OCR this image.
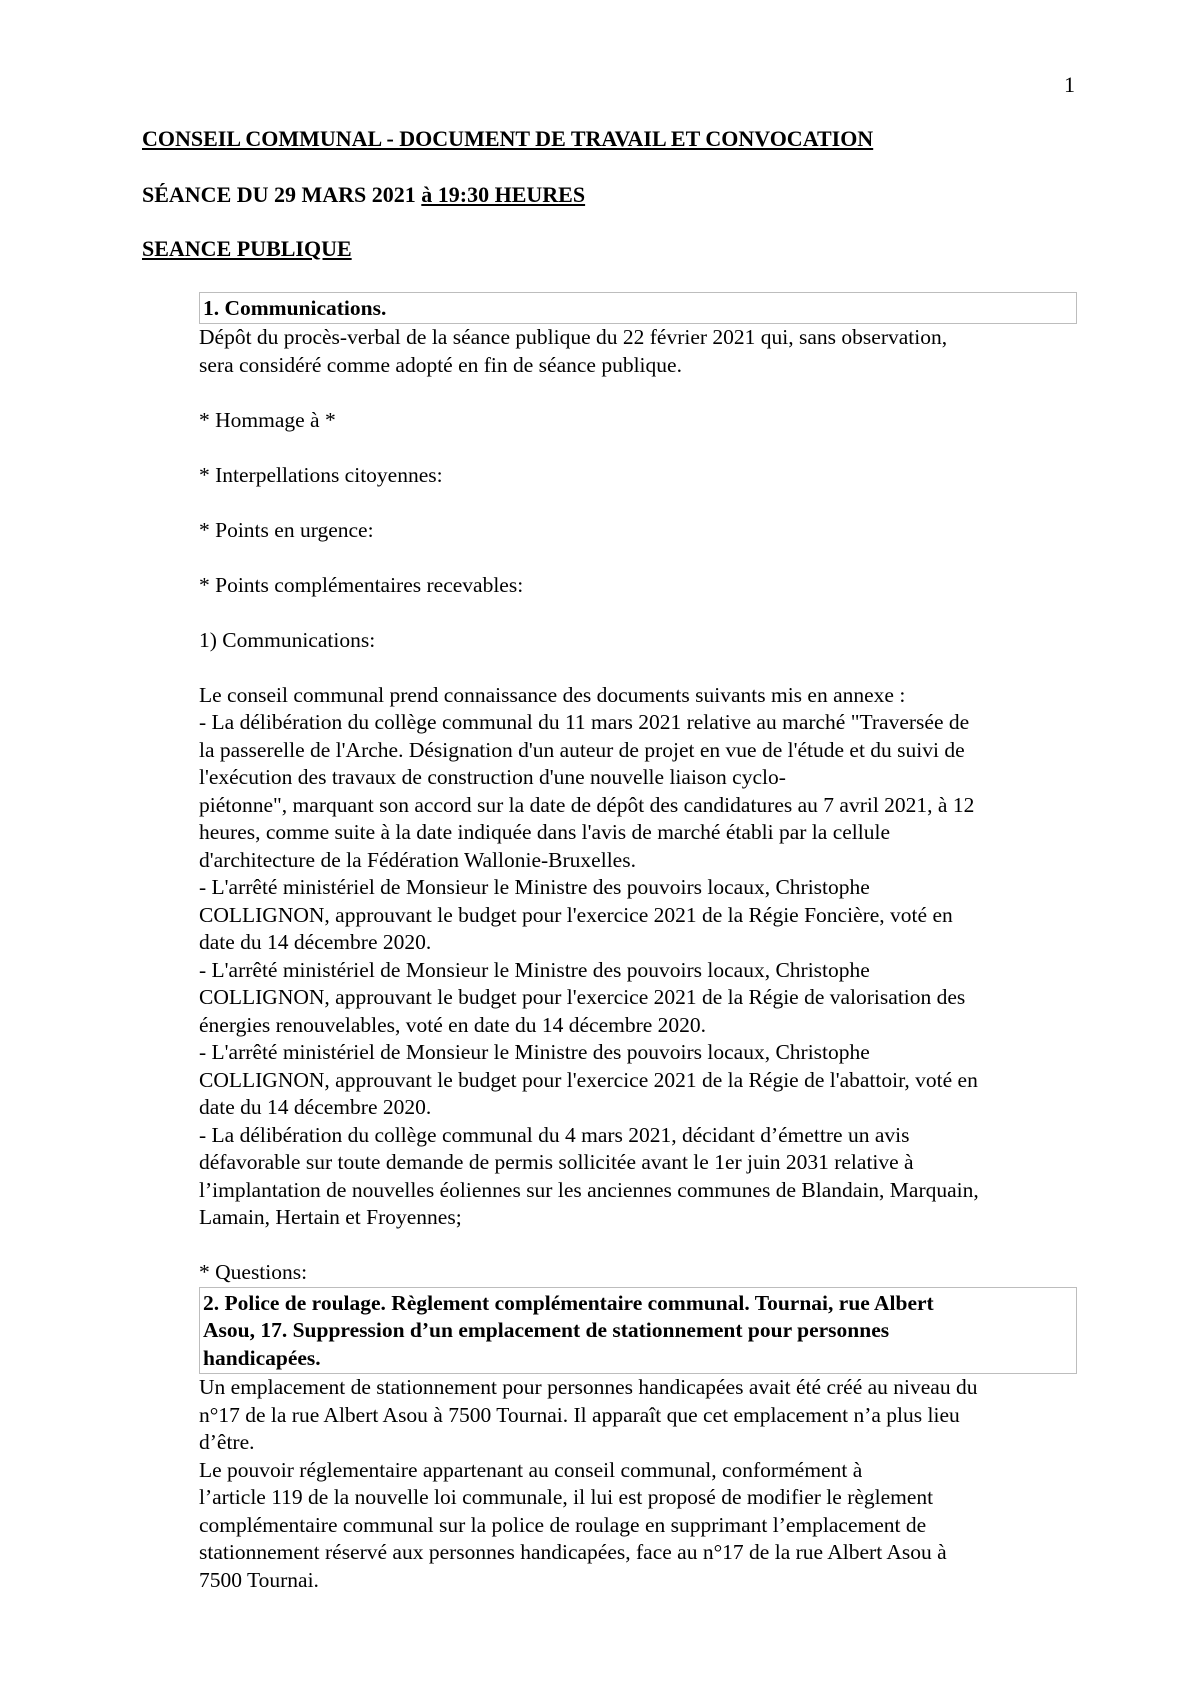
1
CONSEIL COMMUNAL - DOCUMENT DE TRAVAIL ET CONVOCATION
SÉANCE DU 29 MARS 2021 à 19:30 HEURES
SEANCE PUBLIQUE
1. Communications.
Dépôt du procès-verbal de la séance publique du 22 février 2021 qui, sans observation,
sera considéré comme adopté en fin de séance publique.
* Hommage à *
* Interpellations citoyennes:
* Points en urgence:
* Points complémentaires recevables:
1) Communications:
Le conseil communal prend connaissance des documents suivants mis en annexe :
- La délibération du collège communal du 11 mars 2021 relative au marché "Traversée de
la passerelle de l'Arche. Désignation d'un auteur de projet en vue de l'étude et du suivi de
l'exécution des travaux de construction d'une nouvelle liaison cyclo-
piétonne", marquant son accord sur la date de dépôt des candidatures au 7 avril 2021, à 12
heures, comme suite à la date indiquée dans l'avis de marché établi par la cellule
d'architecture de la Fédération Wallonie-Bruxelles.
- L'arrêté ministériel de Monsieur le Ministre des pouvoirs locaux, Christophe
COLLIGNON, approuvant le budget pour l'exercice 2021 de la Régie Foncière, voté en
date du 14 décembre 2020.
- L'arrêté ministériel de Monsieur le Ministre des pouvoirs locaux, Christophe
COLLIGNON, approuvant le budget pour l'exercice 2021 de la Régie de valorisation des
énergies renouvelables, voté en date du 14 décembre 2020.
- L'arrêté ministériel de Monsieur le Ministre des pouvoirs locaux, Christophe
COLLIGNON, approuvant le budget pour l'exercice 2021 de la Régie de l'abattoir, voté en
date du 14 décembre 2020.
- La délibération du collège communal du 4 mars 2021, décidant d’émettre un avis
défavorable sur toute demande de permis sollicitée avant le 1er juin 2031 relative à
l’implantation de nouvelles éoliennes sur les anciennes communes de Blandain, Marquain,
Lamain, Hertain et Froyennes;
* Questions:
2. Police de roulage. Règlement complémentaire communal. Tournai, rue Albert
Asou, 17. Suppression d’un emplacement de stationnement pour personnes
handicapées.
Un emplacement de stationnement pour personnes handicapées avait été créé au niveau du
n°17 de la rue Albert Asou à 7500 Tournai. Il apparaît que cet emplacement n’a plus lieu
d’être.
Le pouvoir réglementaire appartenant au conseil communal, conformément à
l’article 119 de la nouvelle loi communale, il lui est proposé de modifier le règlement
complémentaire communal sur la police de roulage en supprimant l’emplacement de
stationnement réservé aux personnes handicapées, face au n°17 de la rue Albert Asou à
7500 Tournai.
